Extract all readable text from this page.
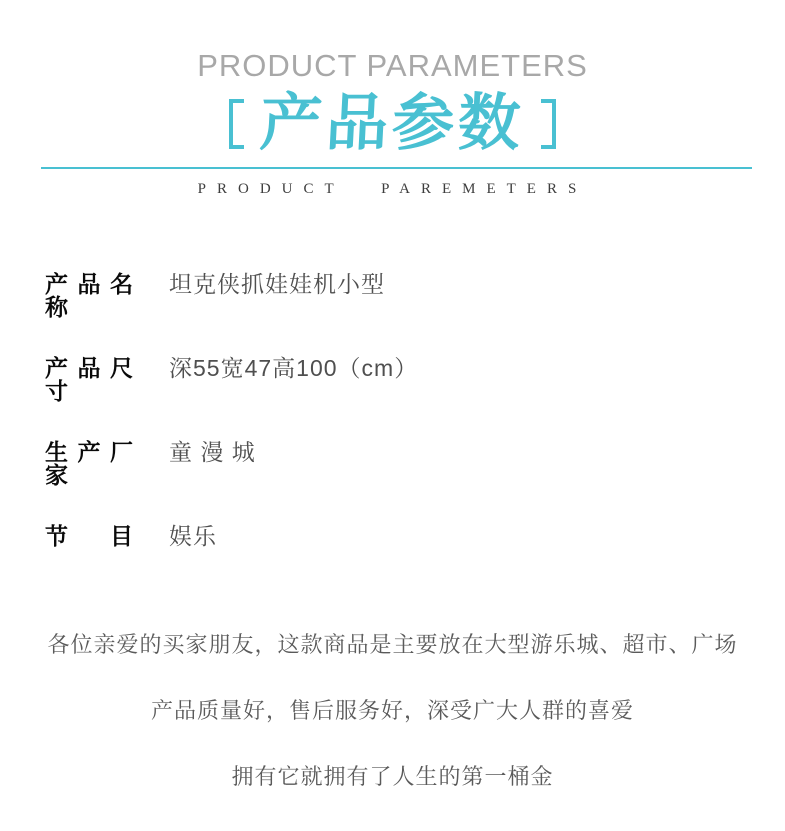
PRODUCT PARAMETERS
产品参数
PRODUCT PAREMETERS
产品名称
坦克侠抓娃娃机小型
产品尺寸
深55宽47高100（cm）
生产厂家
童 漫 城
节目 娱乐

各位亲爱的买家朋友，这款商品是主要放在大型游乐城、超市、广场

产品质量好，售后服务好，深受广大人群的喜爱

拥有它就拥有了人生的第一桶金
